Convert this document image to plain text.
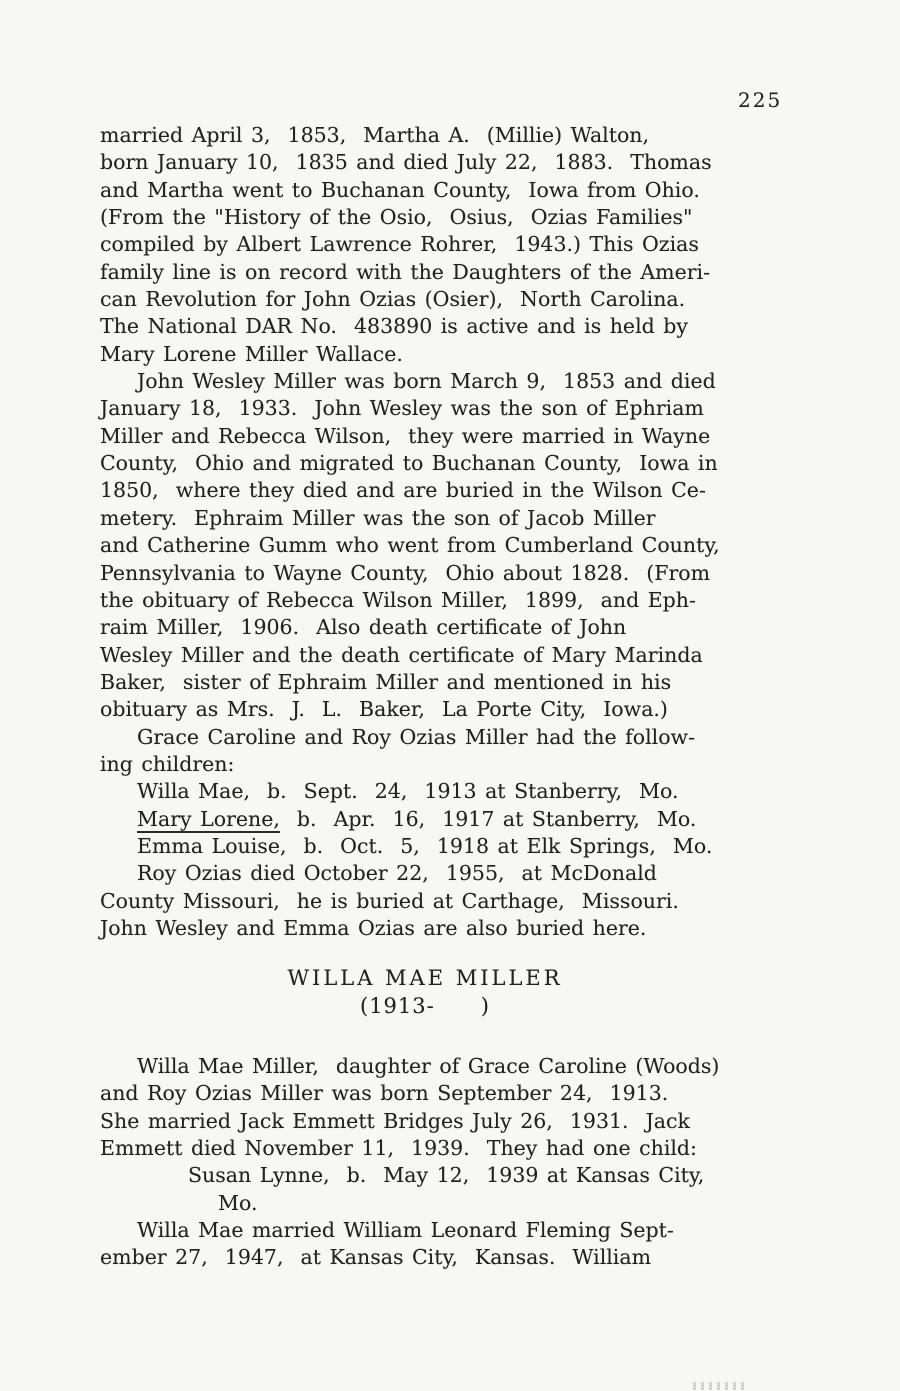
225
married April 3,  1853,  Martha A.  (Millie) Walton,
born January 10,  1835 and died July 22,  1883.  Thomas
and Martha went to Buchanan County,  Iowa from Ohio.
(From the "History of the Osio,  Osius,  Ozias Families"
compiled by Albert Lawrence Rohrer,  1943.) This Ozias
family line is on record with the Daughters of the Ameri-
can Revolution for John Ozias (Osier),  North Carolina.
The National DAR No.  483890 is active and is held by
Mary Lorene Miller Wallace.
John Wesley Miller was born March 9,  1853 and died
January 18,  1933.  John Wesley was the son of Ephriam
Miller and Rebecca Wilson,  they were married in Wayne
County,  Ohio and migrated to Buchanan County,  Iowa in
1850,  where they died and are buried in the Wilson Ce-
metery.  Ephraim Miller was the son of Jacob Miller
and Catherine Gumm who went from Cumberland County,
Pennsylvania to Wayne County,  Ohio about 1828.  (From
the obituary of Rebecca Wilson Miller,  1899,  and Eph-
raim Miller,  1906.  Also death certificate of John
Wesley Miller and the death certificate of Mary Marinda
Baker,  sister of Ephraim Miller and mentioned in his
obituary as Mrs.  J.  L.  Baker,  La Porte City,  Iowa.)
Grace Caroline and Roy Ozias Miller had the follow-
ing children:
Willa Mae,  b.  Sept.  24,  1913 at Stanberry,  Mo.
Mary Lorene,  b.  Apr.  16,  1917 at Stanberry,  Mo.
Emma Louise,  b.  Oct.  5,  1918 at Elk Springs,  Mo.
Roy Ozias died October 22,  1955,  at McDonald
County Missouri,  he is buried at Carthage,  Missouri.
John Wesley and Emma Ozias are also buried here.
WILLA MAE MILLER
(1913-      )
Willa Mae Miller,  daughter of Grace Caroline (Woods)
and Roy Ozias Miller was born September 24,  1913.
She married Jack Emmett Bridges July 26,  1931.  Jack
Emmett died November 11,  1939.  They had one child:
Susan Lynne,  b.  May 12,  1939 at Kansas City,
Mo.
Willa Mae married William Leonard Fleming Sept-
ember 27,  1947,  at Kansas City,  Kansas.  William
